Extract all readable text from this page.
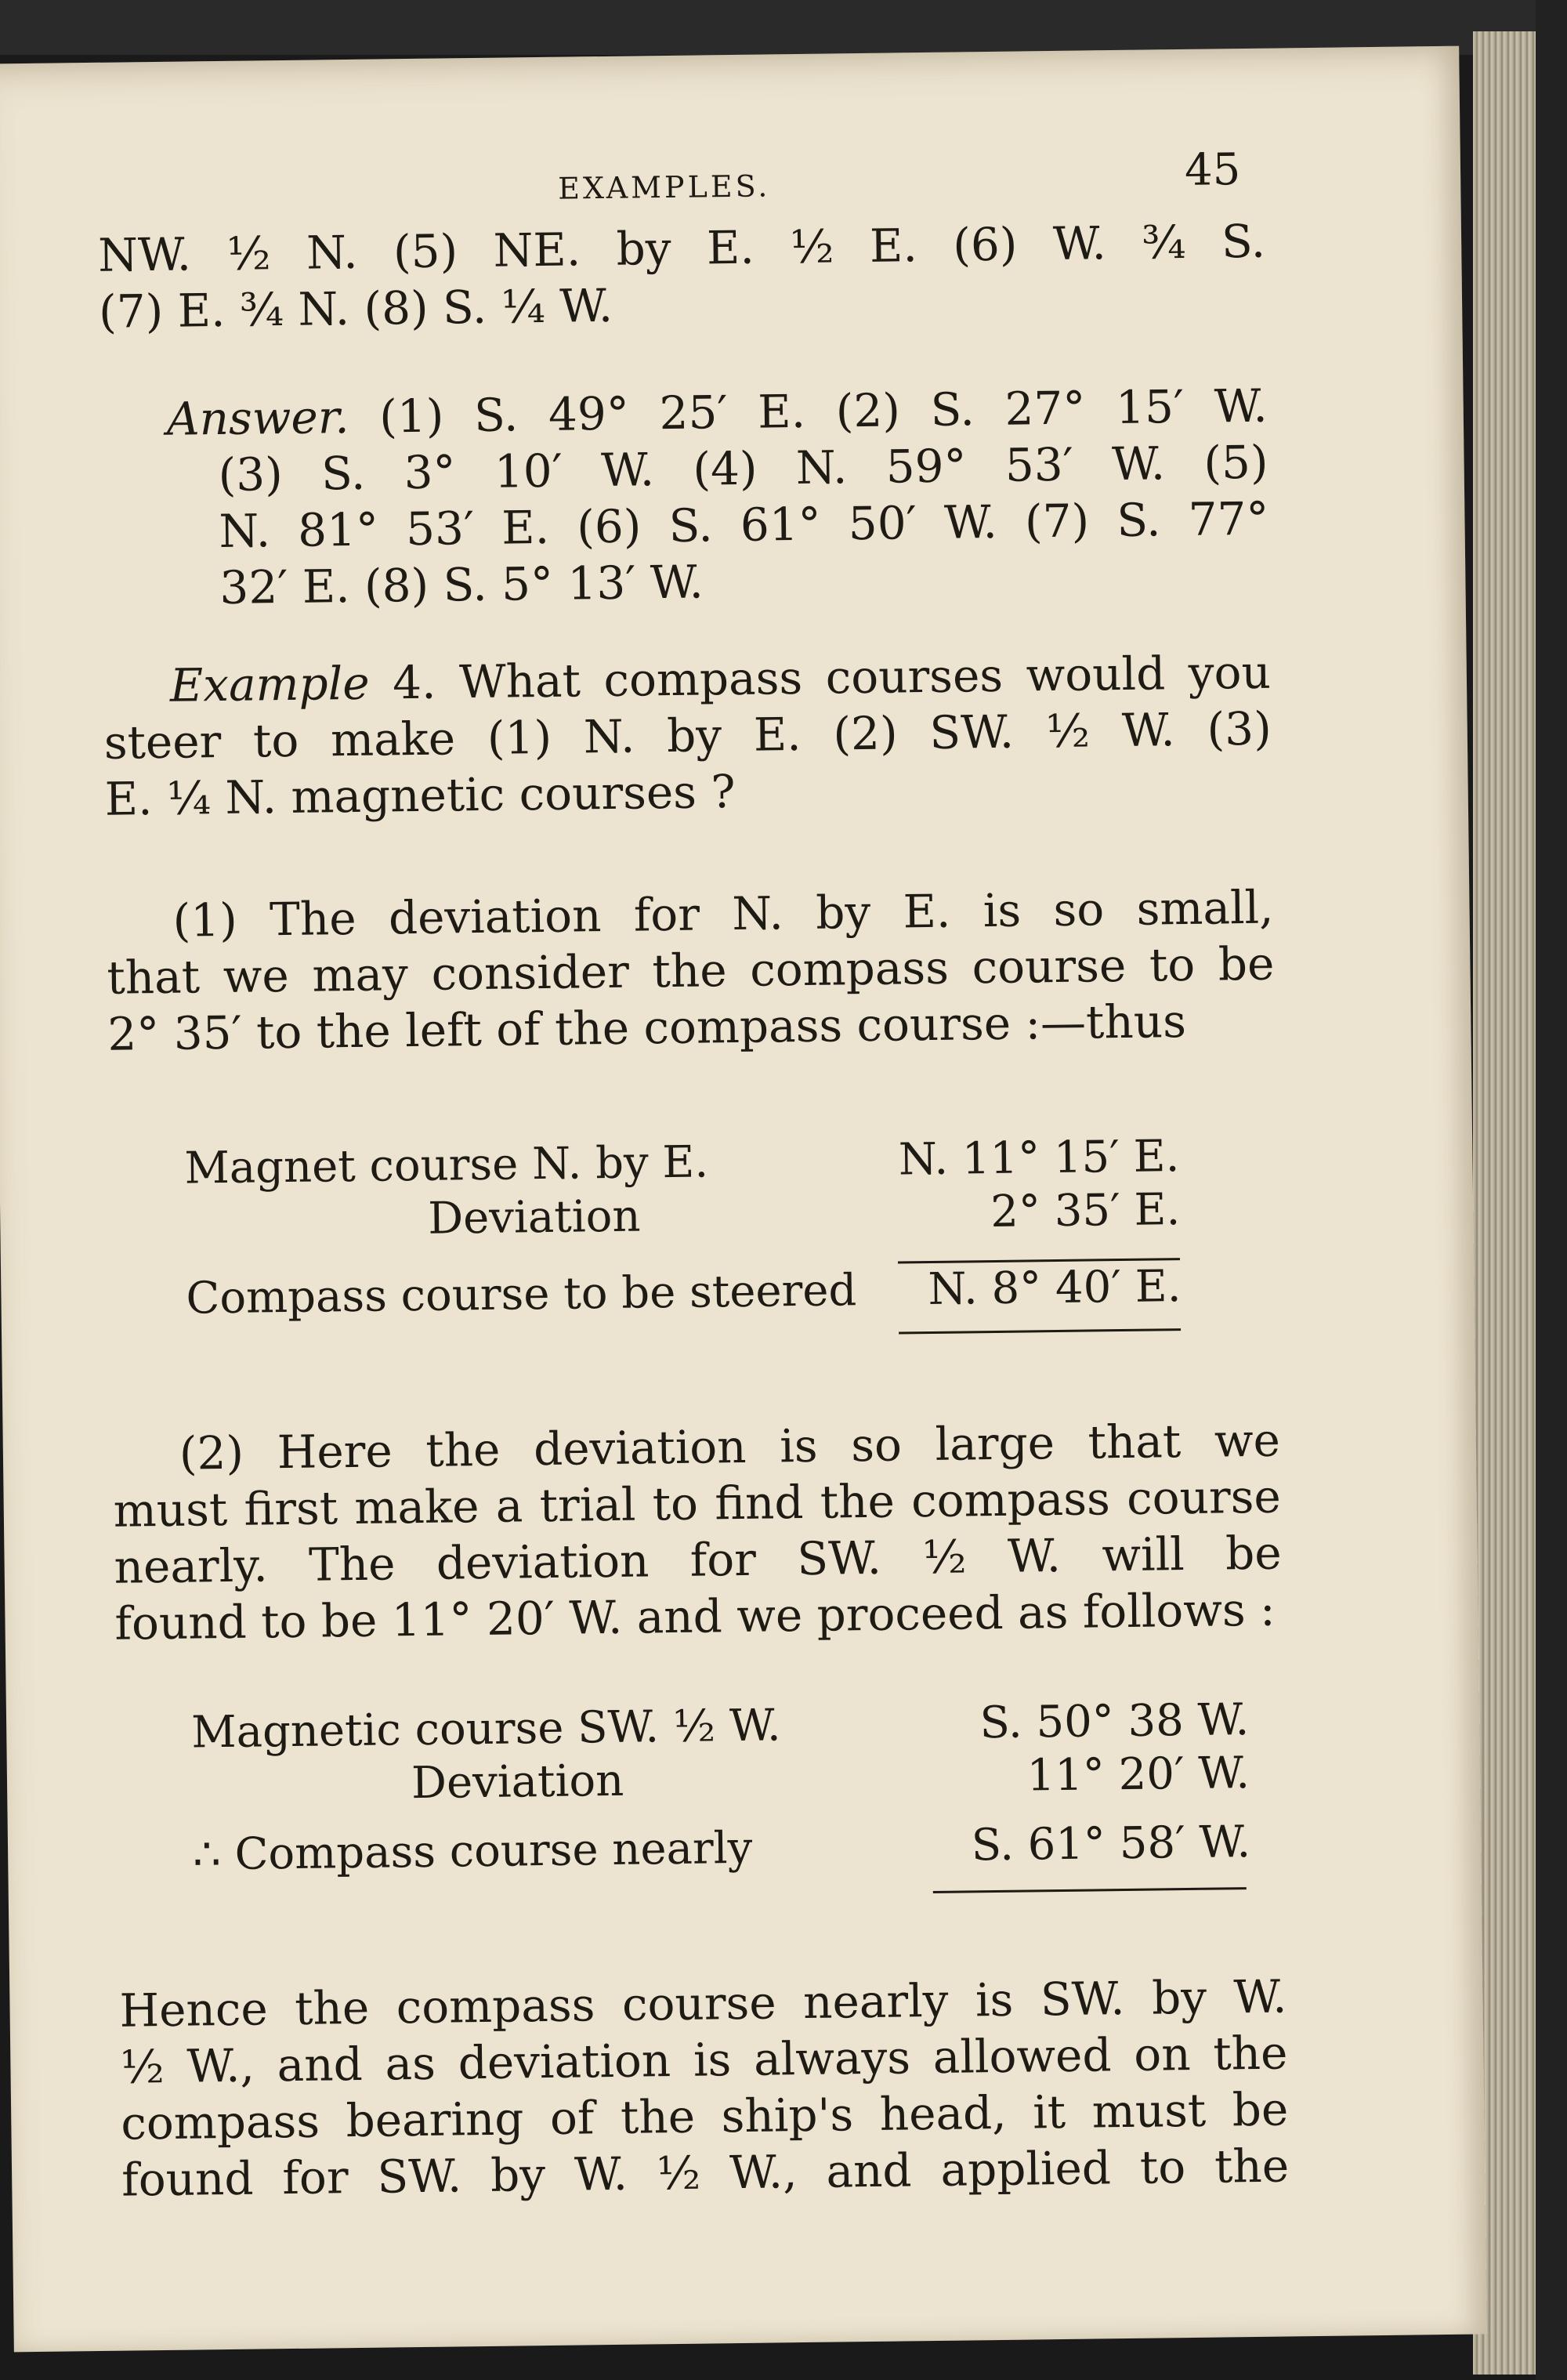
EXAMPLES.	45

NW. ½ N. (5) NE. by E. ½ E. (6) W. ¾ S.

(7) E. ¾ N. (8) S. ¼ W.

Answer. (1) S. 49° 25′ E. (2) S. 27° 15′ W.

(3) S. 3° 10′ W. (4) N. 59° 53′ W. (5)

N. 81° 53′ E. (6) S. 61° 50′ W. (7) S. 77°

32′ E. (8) S. 5° 13′ W.

Example 4. What compass courses would you

steer to make (1) N. by E. (2) SW. ½ W. (3)

E. ¼ N. magnetic courses ?

(1) The deviation for N. by E. is so small,

that we may consider the compass course to be

2° 35′ to the left of the compass course :—thus

Magnet course N. by E.	N. 11° 15′ E.
Deviation	2° 35′ E.
Compass course to be steered N. 8° 40′ E.

(2) Here the deviation is so large that we

must first make a trial to find the compass course

nearly. The deviation for SW. ½ W. will be

found to be 11° 20′ W. and we proceed as follows :

Magnetic course SW. ½ W.	S. 50° 38 W.
Deviation	11° 20′ W.
∴ Compass course nearly	S. 61° 58′ W.

Hence the compass course nearly is SW. by W.

½ W., and as deviation is always allowed on the

compass bearing of the ship's head, it must be

found for SW. by W. ½ W., and applied to the
